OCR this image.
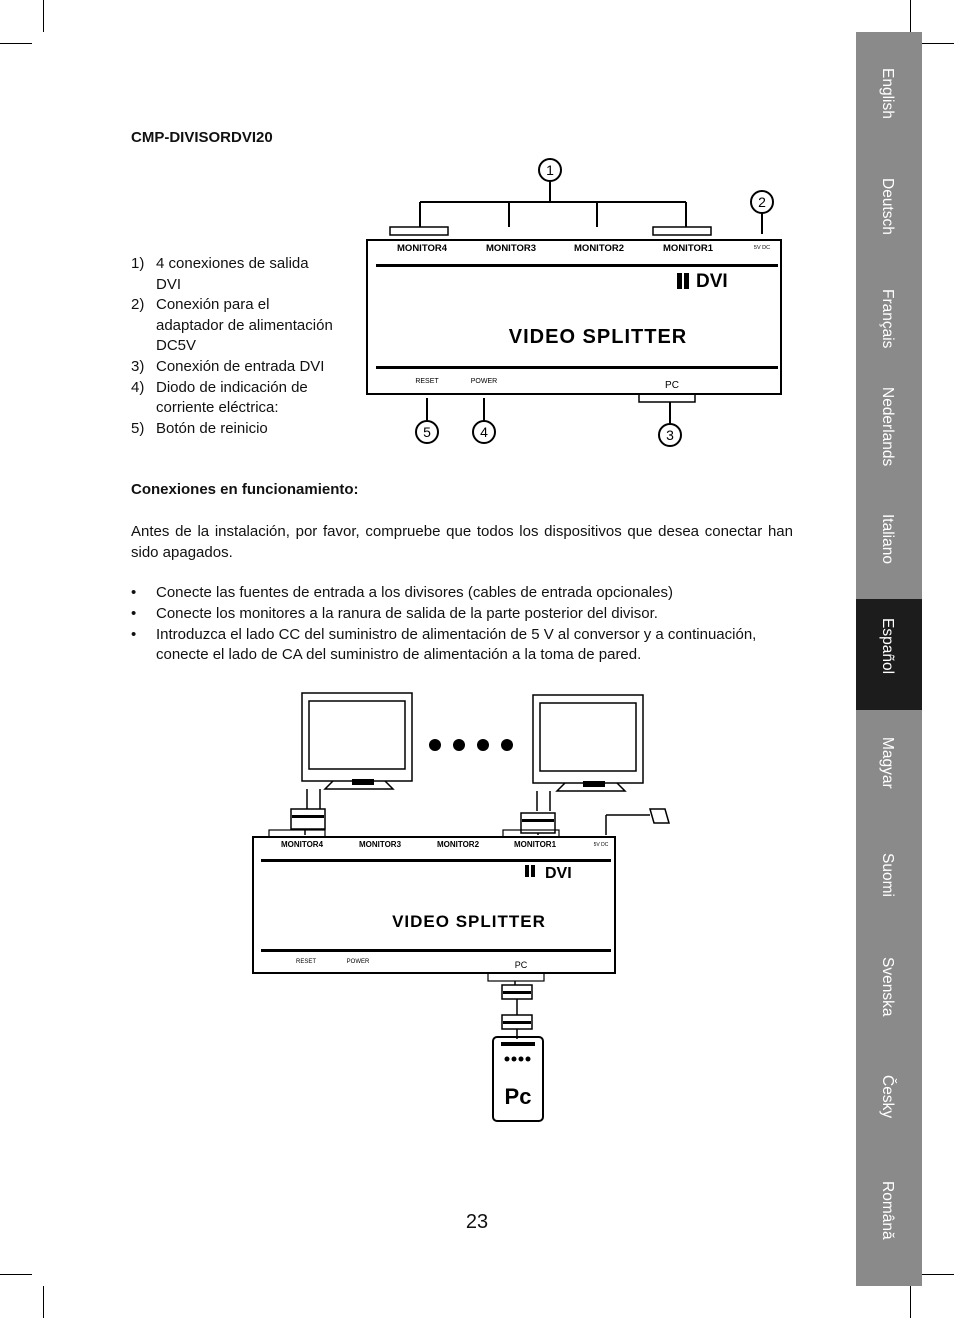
CMP-DIVISORDVI20
1) 4 conexiones de salida DVI
2) Conexión para el adaptador de alimentación DC5V
3) Conexión de entrada DVI
4) Diodo de indicación de corriente eléctrica:
5) Botón de reinicio
1
2
3
4
5
MONITOR4	MONITOR3	MONITOR2	MONITOR1	5V DC
DVI
VIDEO SPLITTER
RESET	POWER	PC
Conexiones en funcionamiento:

Antes de la instalación, por favor, compruebe que todos los dispositivos que desea conectar han sido apagados.

• Conecte las fuentes de entrada a los divisores (cables de entrada opcionales)
• Conecte los monitores a la ranura de salida de la parte posterior del divisor.
• Introduzca el lado CC del suministro de alimentación de 5 V al conversor y a continuación, conecte el lado de CA del suministro de alimentación a la toma de pared.
MONITOR4	MONITOR3	MONITOR2	MONITOR1	5V DC
DVI
VIDEO SPLITTER
RESET	POWER	PC
Pc
23
English
Deutsch
Français
Nederlands
Italiano
Español
Magyar
Suomi
Svenska
Česky
Română
